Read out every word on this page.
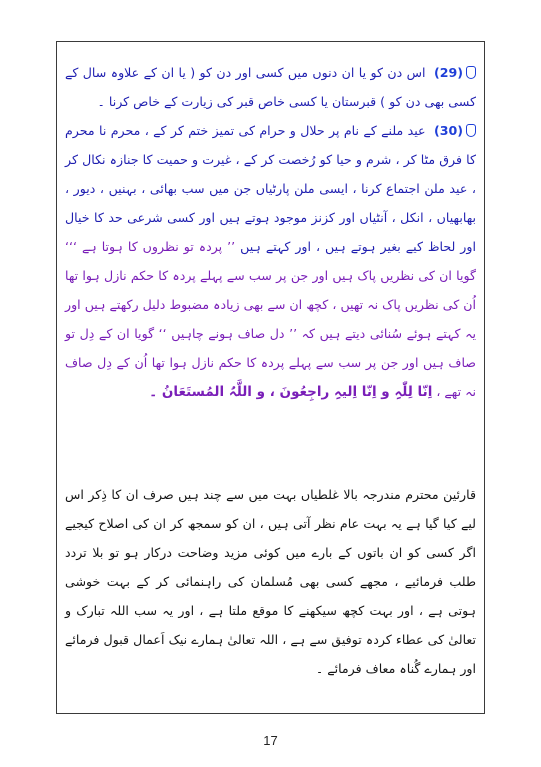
(29) اس دن کو یا ان دنوں میں کسی اور دن کو ( یا ان کے علاوہ سال کے کسی بھی دن کو ) قبرستان یا کسی خاص قبر کی زیارت کے خاص کرنا ۔
(30) عید ملنے کے نام پر حلال و حرام کی تمیز ختم کر کے ، محرم نا محرم کا فرق مٹا کر ، شرم و حیا کو رُخصت کر کے ، غیرت و حمیت کا جنازہ نکال کر ، عید ملن اجتماع کرنا ، ایسی ملن پارٹیاں جن میں سب بھائی ، بہنیں ، دیور ، بھابھیاں ، انکل ، آنٹیاں اور کزنز موجود ہوتے ہیں اور کسی شرعی حد کا خیال اور لحاظ کیے بغیر ہوتے ہیں ، اور کہتے ہیں ’’ پردہ تو نظروں کا ہوتا ہے ‘‘‘ گویا ان کی نظریں پاک ہیں اور جن پر سب سے پہلے پردہ کا حکم نازل ہوا تھا اُن کی نظریں پاک نہ تھیں ، کچھ ان سے بھی زیادہ مضبوط دلیل رکھتے ہیں اور یہ کہتے ہوئے سُنائی دیتے ہیں کہ ’’ دل صاف ہونے چاہیں ‘‘ گویا ان کے دِل تو صاف ہیں اور جن پر سب سے پہلے پردہ کا حکم نازل ہوا تھا اُن کے دِل صاف نہ تھے ، اِنّا لِلّٰہِ و اِنّا اِلیہِ راجِعُونَ ، و اللَّہُ المُستَعَانُ ۔
قارئین محترم مندرجہ بالا غلطیاں بہت میں سے چند ہیں صرف ان کا ذِکر اس لیے کیا گیا ہے یہ بہت عام نظر آتی ہیں ، ان کو سمجھ کر ان کی اصلاح کیجیے اگر کسی کو ان باتوں کے بارے میں کوئی مزید وضاحت درکار ہو تو بلا تردد طلب فرمائیے ، مجھے کسی بھی مُسلمان کی راہنمائی کر کے بہت خوشی ہوتی ہے ، اور بہت کچھ سیکھنے کا موقع ملتا ہے ، اور یہ سب اللہ تبارک و تعالیٰ کی عطاء کردہ توفیق سے ہے ، اللہ تعالیٰ ہمارے نیک اَعمال قبول فرمائے اور ہمارے گُناہ معاف فرمائے ۔
17
